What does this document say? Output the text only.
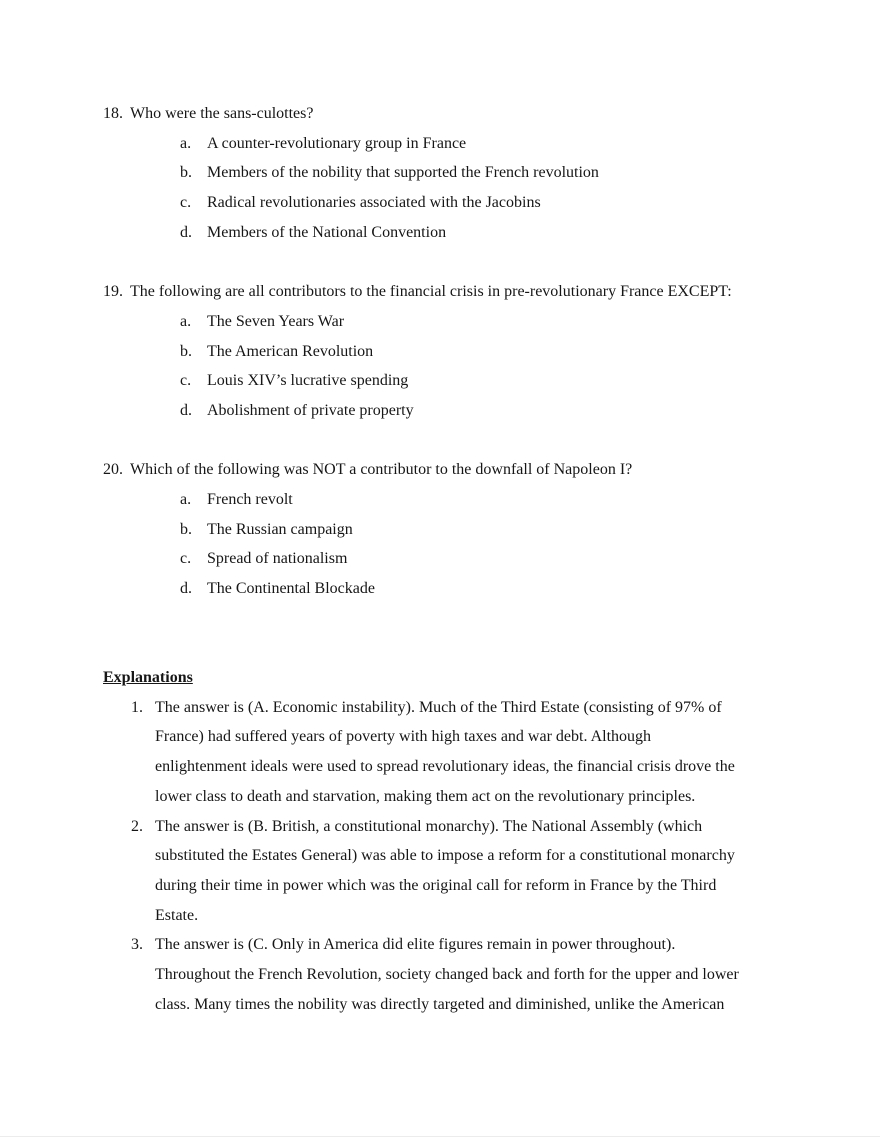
18. Who were the sans-culottes?
a. A counter-revolutionary group in France
b. Members of the nobility that supported the French revolution
c. Radical revolutionaries associated with the Jacobins
d. Members of the National Convention
19. The following are all contributors to the financial crisis in pre-revolutionary France EXCEPT:
a. The Seven Years War
b. The American Revolution
c. Louis XIV’s lucrative spending
d. Abolishment of private property
20. Which of the following was NOT a contributor to the downfall of Napoleon I?
a. French revolt
b. The Russian campaign
c. Spread of nationalism
d. The Continental Blockade
Explanations
1. The answer is (A. Economic instability). Much of the Third Estate (consisting of 97% of
France) had suffered years of poverty with high taxes and war debt. Although
enlightenment ideals were used to spread revolutionary ideas, the financial crisis drove the
lower class to death and starvation, making them act on the revolutionary principles.
2. The answer is (B. British, a constitutional monarchy). The National Assembly (which
substituted the Estates General) was able to impose a reform for a constitutional monarchy
during their time in power which was the original call for reform in France by the Third
Estate.
3. The answer is (C. Only in America did elite figures remain in power throughout).
Throughout the French Revolution, society changed back and forth for the upper and lower
class. Many times the nobility was directly targeted and diminished, unlike the American
